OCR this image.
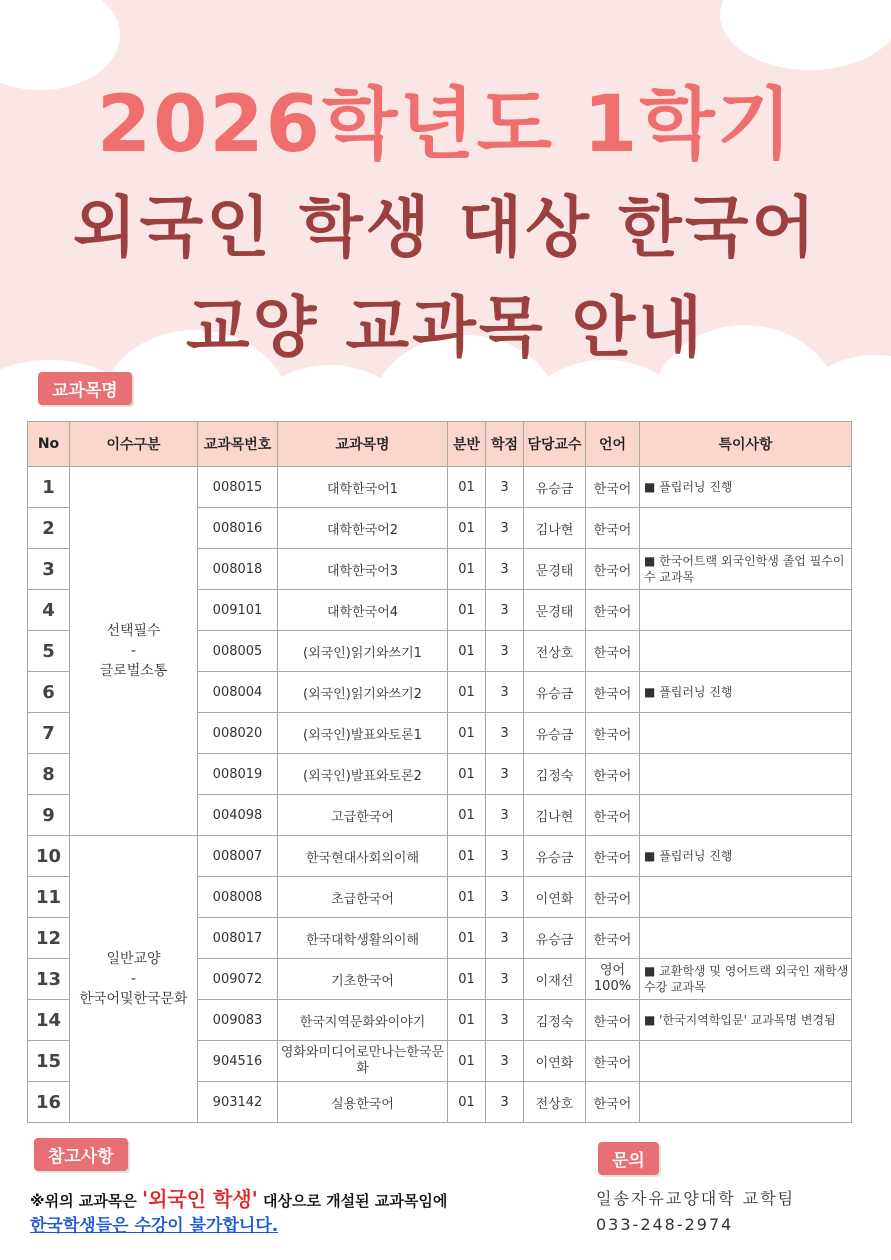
2026학년도 1학기
외국인 학생 대상 한국어
교양 교과목 안내
교과목명
No	이수구분	교과목번호	교과목명	분반	학점	담당교수	언어	특이사항
1	선택필수
-
글로벌소통	008015	대학한국어1	01	3	유승금	한국어	■ 플립러닝 진행
2		008016	대학한국어2	01	3	김나현	한국어	
3		008018	대학한국어3	01	3	문경태	한국어	■ 한국어트랙 외국인학생 졸업 필수이수 교과목
4		009101	대학한국어4	01	3	문경태	한국어	
5		008005	(외국인)읽기와쓰기1	01	3	전상호	한국어	
6		008004	(외국인)읽기와쓰기2	01	3	유승금	한국어	■ 플립러닝 진행
7		008020	(외국인)발표와토론1	01	3	유승금	한국어	
8		008019	(외국인)발표와토론2	01	3	김정숙	한국어	
9		004098	고급한국어	01	3	김나현	한국어	
10	일반교양
-
한국어및한국문화	008007	한국현대사회의이해	01	3	유승금	한국어	■ 플립러닝 진행
11		008008	초급한국어	01	3	이연화	한국어	
12		008017	한국대학생활의이해	01	3	유승금	한국어	
13		009072	기초한국어	01	3	이재선	영어 100%	■ 교환학생 및 영어트랙 외국인 재학생 수강 교과목
14		009083	한국지역문화와이야기	01	3	김정숙	한국어	■ '한국지역학입문' 교과목명 변경됨
15		904516	영화와미디어로만나는한국문화	01	3	이연화	한국어	
16		903142	실용한국어	01	3	전상호	한국어	
참고사항
※위의 교과목은 '외국인 학생' 대상으로 개설된 교과목임에
한국학생들은 수강이 불가합니다.
문의
일송자유교양대학 교학팀
033-248-2974
